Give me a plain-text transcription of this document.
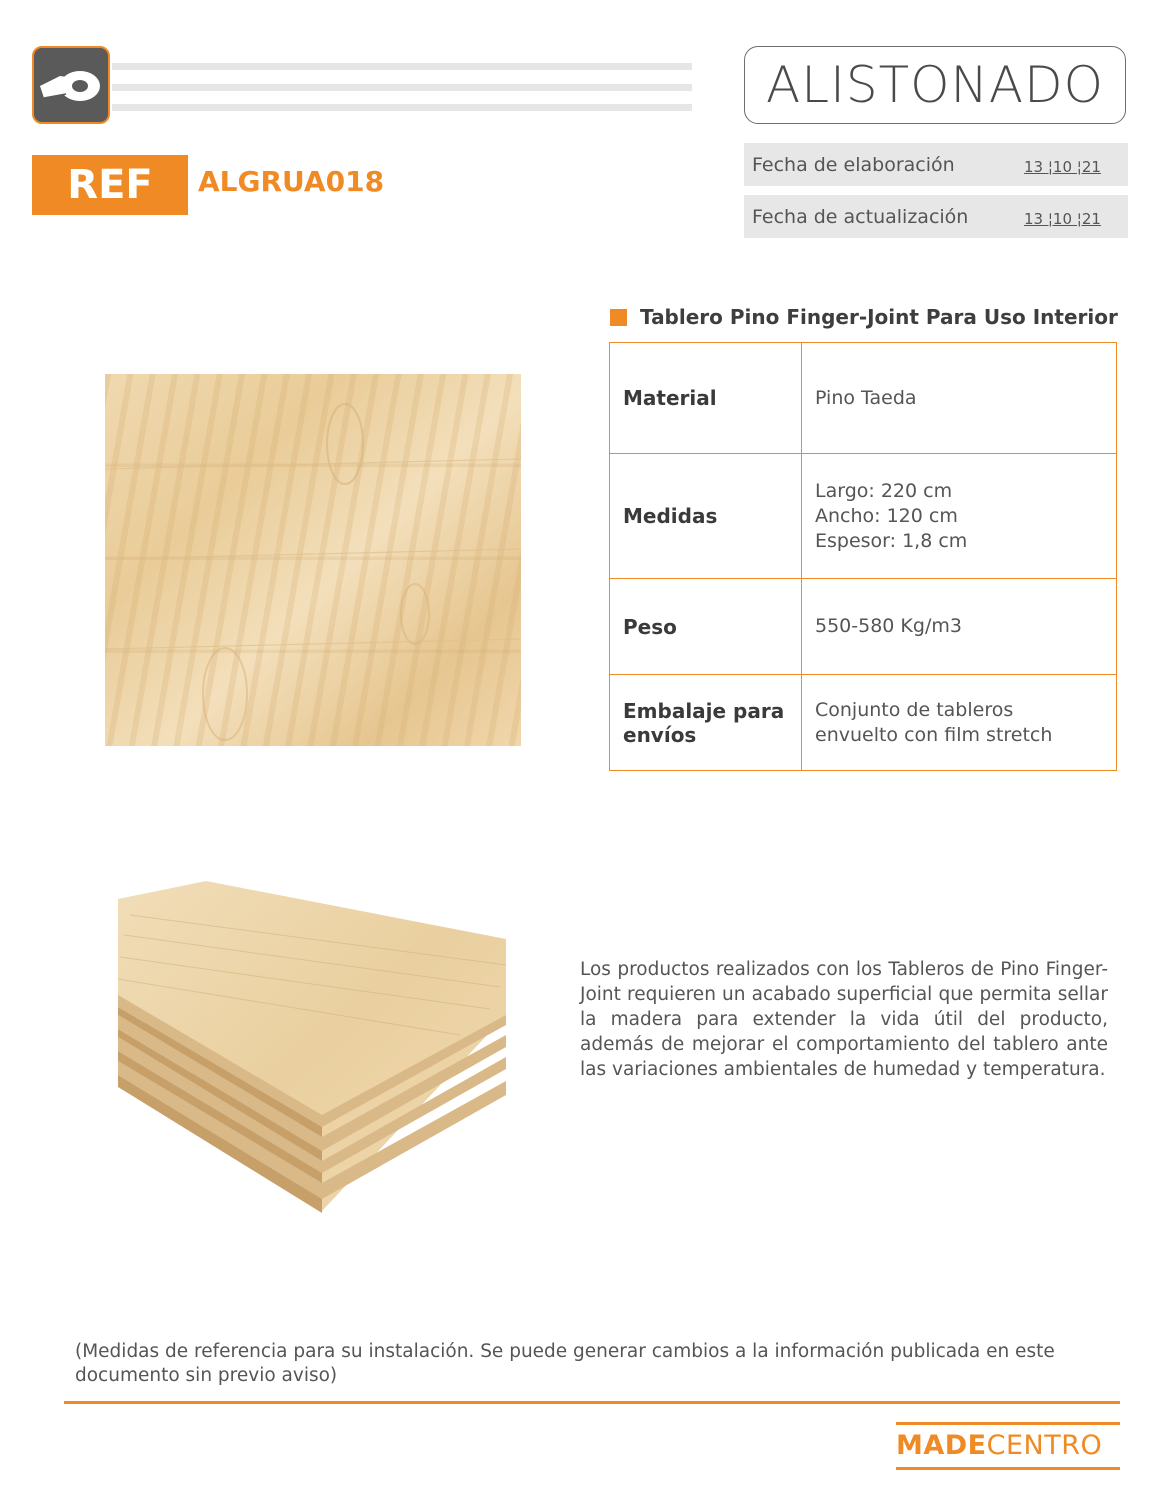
ALISTONADO
REF	ALGRUA018
Fecha de elaboración	13 ¦10 ¦21
Fecha de actualización	13 ¦10 ¦21
Tablero Pino Finger-Joint Para Uso Interior
Material	Pino Taeda

Medidas	Largo: 220 cm
Ancho: 120 cm
Espesor: 1,8 cm

Peso	550-580 Kg/m3

Embalaje para envíos	Conjunto de tableros
envuelto con film stretch
Los productos realizados con los Tableros de Pino Finger-Joint requieren un acabado superficial que permita sellar la madera para extender la vida útil del producto, además de mejorar el comportamiento del tablero ante las variaciones ambientales de humedad y temperatura.
(Medidas de referencia para su instalación. Se puede generar cambios a la información publicada en este documento sin previo aviso)
MADECENTRO
